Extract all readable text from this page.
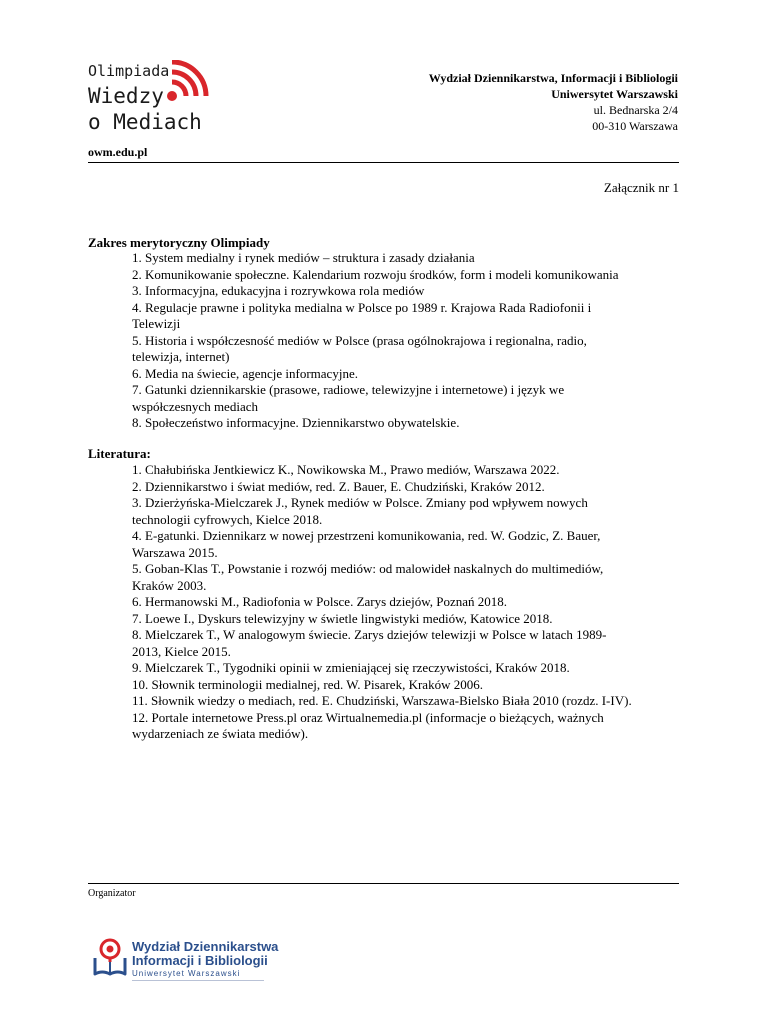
Olimpiada
Wiedzy
o Mediach
owm.edu.pl
Wydział Dziennikarstwa, Informacji i Bibliologii
Uniwersytet Warszawski
ul. Bednarska 2/4
00-310 Warszawa
Załącznik nr 1
Zakres merytoryczny Olimpiady
1. System medialny i rynek mediów – struktura i zasady działania
2. Komunikowanie społeczne. Kalendarium rozwoju środków, form i modeli komunikowania
3. Informacyjna, edukacyjna i rozrywkowa rola mediów
4. Regulacje prawne i polityka medialna w Polsce po 1989 r. Krajowa Rada Radiofonii i Telewizji
5. Historia i współczesność mediów w Polsce (prasa ogólnokrajowa i regionalna, radio, telewizja, internet)
6. Media na świecie, agencje informacyjne.
7. Gatunki dziennikarskie (prasowe, radiowe, telewizyjne i internetowe) i język we współczesnych mediach
8. Społeczeństwo informacyjne. Dziennikarstwo obywatelskie.
Literatura:
1. Chałubińska Jentkiewicz K., Nowikowska M., Prawo mediów, Warszawa 2022.
2. Dziennikarstwo i świat mediów, red. Z. Bauer, E. Chudziński, Kraków 2012.
3. Dzierżyńska-Mielczarek J., Rynek mediów w Polsce. Zmiany pod wpływem nowych technologii cyfrowych, Kielce 2018.
4. E-gatunki. Dziennikarz w nowej przestrzeni komunikowania, red. W. Godzic, Z. Bauer, Warszawa 2015.
5. Goban-Klas T., Powstanie i rozwój mediów: od malowideł naskalnych do multimediów, Kraków 2003.
6. Hermanowski M., Radiofonia w Polsce. Zarys dziejów, Poznań 2018.
7. Loewe I., Dyskurs telewizyjny w świetle lingwistyki mediów, Katowice 2018.
8. Mielczarek T., W analogowym świecie. Zarys dziejów telewizji w Polsce w latach 1989-2013, Kielce 2015.
9. Mielczarek T., Tygodniki opinii w zmieniającej się rzeczywistości, Kraków 2018.
10. Słownik terminologii medialnej, red. W. Pisarek, Kraków 2006.
11. Słownik wiedzy o mediach, red. E. Chudziński, Warszawa-Bielsko Biała 2010 (rozdz. I-IV).
12. Portale internetowe Press.pl oraz Wirtualnemedia.pl (informacje o bieżących, ważnych wydarzeniach ze świata mediów).
Organizator
Wydział Dziennikarstwa
Informacji i Bibliologii
Uniwersytet Warszawski
